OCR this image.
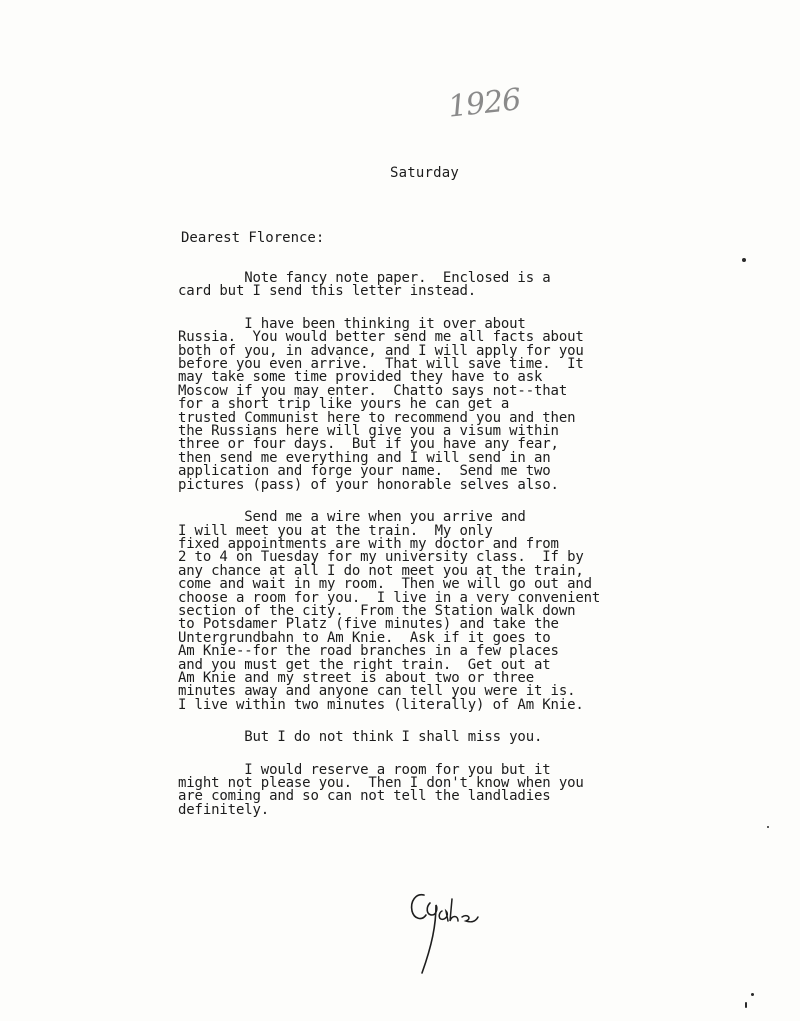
1926
Saturday
Dearest Florence:
Note fancy note paper.  Enclosed is a
card but I send this letter instead.
I have been thinking it over about
Russia.  You would better send me all facts about
both of you, in advance, and I will apply for you
before you even arrive.  That will save time.  It
may take some time provided they have to ask
Moscow if you may enter.  Chatto says not--that
for a short trip like yours he can get a
trusted Communist here to recommend you and then
the Russians here will give you a visum within
three or four days.  But if you have any fear,
then send me everything and I will send in an
application and forge your name.  Send me two
pictures (pass) of your honorable selves also.
Send me a wire when you arrive and
I will meet you at the train.  My only
fixed appointments are with my doctor and from
2 to 4 on Tuesday for my university class.  If by
any chance at all I do not meet you at the train,
come and wait in my room.  Then we will go out and
choose a room for you.  I live in a very convenient
section of the city.  From the Station walk down
to Potsdamer Platz (five minutes) and take the
Untergrundbahn to Am Knie.  Ask if it goes to
Am Knie--for the road branches in a few places
and you must get the right train.  Get out at
Am Knie and my street is about two or three
minutes away and anyone can tell you were it is.
I live within two minutes (literally) of Am Knie.
But I do not think I shall miss you.
I would reserve a room for you but it
might not please you.  Then I don't know when you
are coming and so can not tell the landladies
definitely.
